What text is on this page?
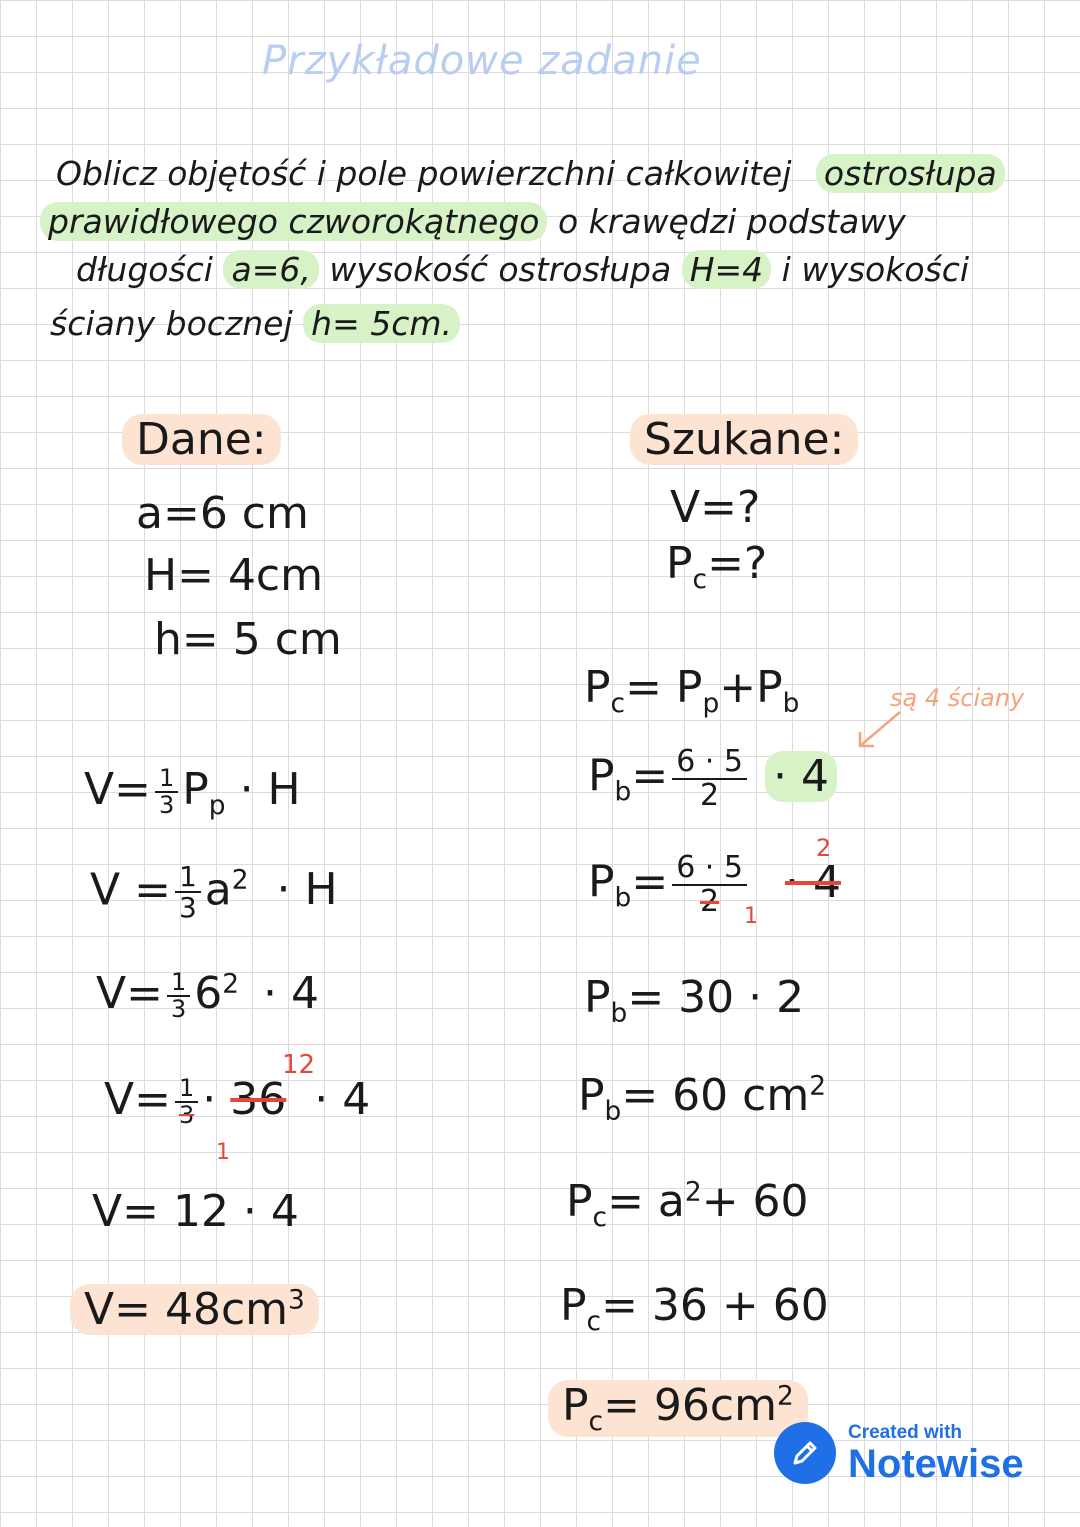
Przykładowe zadanie
Oblicz objętość i pole powierzchni całkowitej ostrosłupa
prawidłowego czworokątnego o krawędzi podstawy
długości a=6, wysokość ostrosłupa H=4 i wysokości
ściany bocznej h= 5cm.
Dane:
a=6 cm
H= 4cm
h= 5 cm
Szukane:
V=?
$P_c=$?
$V= \frac{1}{3} P_p \cdot H$
$V = \frac{1}{3} a^2 \cdot H$
$V= \frac{1}{3} 6^2 \cdot 4$
$V= \frac{1}{3} \cdot 36 \cdot 4$
12
1
V= 12 · 4
$V= 48cm^3$
$P_c= P_p+P_b$	są 4 ściany
$P_b= \frac{6 \cdot 5}{2} \cdot 4$
$P_b= \frac{6 \cdot 5}{2} \cdot 4$
2
1
$P_b= 30 \cdot 2$
$P_b= 60$ $cm^2$
$P_c= a^2+ 60$
$P_c= 36 + 60$
$P_c= 96cm^2$
Created with
Notewise
